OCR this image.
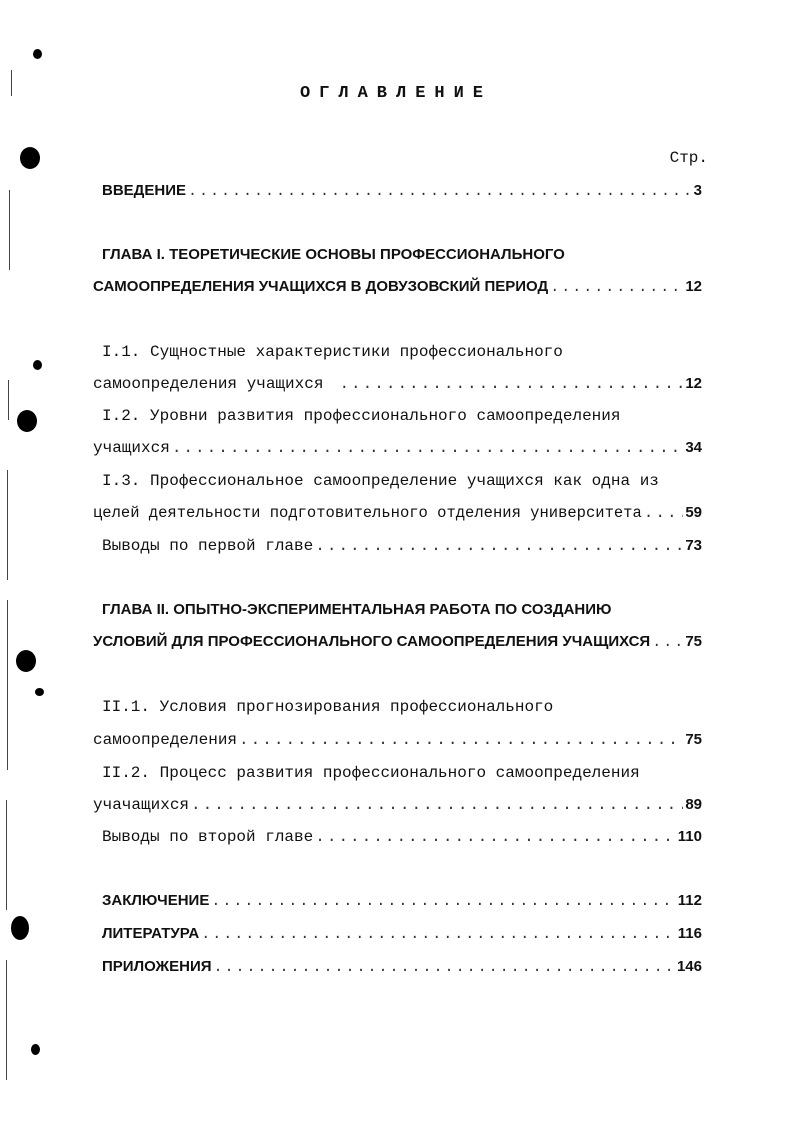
ОГЛАВЛЕНИЕ
Стр.
ВВЕДЕНИЕ .....	3
ГЛАВА I. ТЕОРЕТИЧЕСКИЕ ОСНОВЫ ПРОФЕССИОНАЛЬНОГО
САМООПРЕДЕЛЕНИЯ УЧАЩИХСЯ В ДОВУЗОВСКИЙ ПЕРИОД .....	12
I.1. Сущностные характеристики профессионального
самоопределения учащихся .....	12
I.2. Уровни развития профессионального самоопределения
учащихся .....	34
I.3. Профессиональное самоопределение учащихся как одна из
целей деятельности подготовительного отделения университета .....	59
Выводы по первой главе .....	73
ГЛАВА II. ОПЫТНО-ЭКСПЕРИМЕНТАЛЬНАЯ РАБОТА ПО СОЗДАНИЮ
УСЛОВИЙ ДЛЯ ПРОФЕССИОНАЛЬНОГО САМООПРЕДЕЛЕНИЯ УЧАЩИХСЯ ..... 75
II.1. Условия прогнозирования профессионального
самоопределения .....	75
II.2. Процесс развития профессионального самоопределения
учачащихся .....	89
Выводы по второй главе .....	110
ЗАКЛЮЧЕНИЕ .....	112
ЛИТЕРАТУРА .....	116
ПРИЛОЖЕНИЯ .....	146
